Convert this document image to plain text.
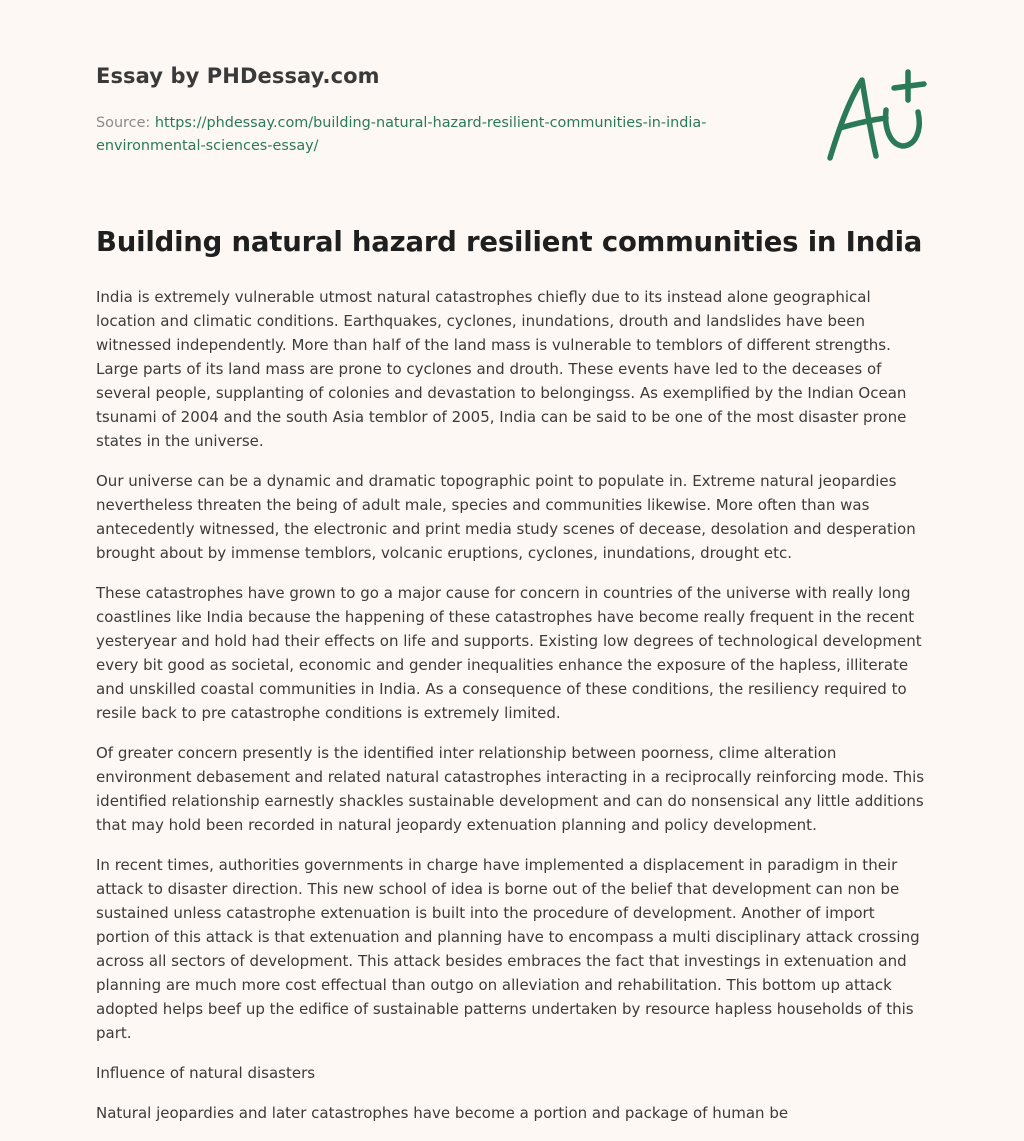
Essay by PHDessay.com
Source: https://phdessay.com/building-natural-hazard-resilient-communities-in-india-environmental-sciences-essay/
Building natural hazard resilient communities in India

India is extremely vulnerable utmost natural catastrophes chiefly due to its instead alone geographical location and climatic conditions. Earthquakes, cyclones, inundations, drouth and landslides have been witnessed independently. More than half of the land mass is vulnerable to temblors of different strengths. Large parts of its land mass are prone to cyclones and drouth. These events have led to the deceases of several people, supplanting of colonies and devastation to belongingss. As exemplified by the Indian Ocean tsunami of 2004 and the south Asia temblor of 2005, India can be said to be one of the most disaster prone states in the universe.

Our universe can be a dynamic and dramatic topographic point to populate in. Extreme natural jeopardies nevertheless threaten the being of adult male, species and communities likewise. More often than was antecedently witnessed, the electronic and print media study scenes of decease, desolation and desperation brought about by immense temblors, volcanic eruptions, cyclones, inundations, drought etc.

These catastrophes have grown to go a major cause for concern in countries of the universe with really long coastlines like India because the happening of these catastrophes have become really frequent in the recent yesteryear and hold had their effects on life and supports. Existing low degrees of technological development every bit good as societal, economic and gender inequalities enhance the exposure of the hapless, illiterate and unskilled coastal communities in India. As a consequence of these conditions, the resiliency required to resile back to pre catastrophe conditions is extremely limited.

Of greater concern presently is the identified inter relationship between poorness, clime alteration environment debasement and related natural catastrophes interacting in a reciprocally reinforcing mode. This identified relationship earnestly shackles sustainable development and can do nonsensical any little additions that may hold been recorded in natural jeopardy extenuation planning and policy development.

In recent times, authorities governments in charge have implemented a displacement in paradigm in their attack to disaster direction. This new school of idea is borne out of the belief that development can non be sustained unless catastrophe extenuation is built into the procedure of development. Another of import portion of this attack is that extenuation and planning have to encompass a multi disciplinary attack crossing across all sectors of development. This attack besides embraces the fact that investings in extenuation and planning are much more cost effectual than outgo on alleviation and rehabilitation. This bottom up attack adopted helps beef up the edifice of sustainable patterns undertaken by resource hapless households of this part.

Influence of natural disasters

Natural jeopardies and later catastrophes have become a portion and package of human be
